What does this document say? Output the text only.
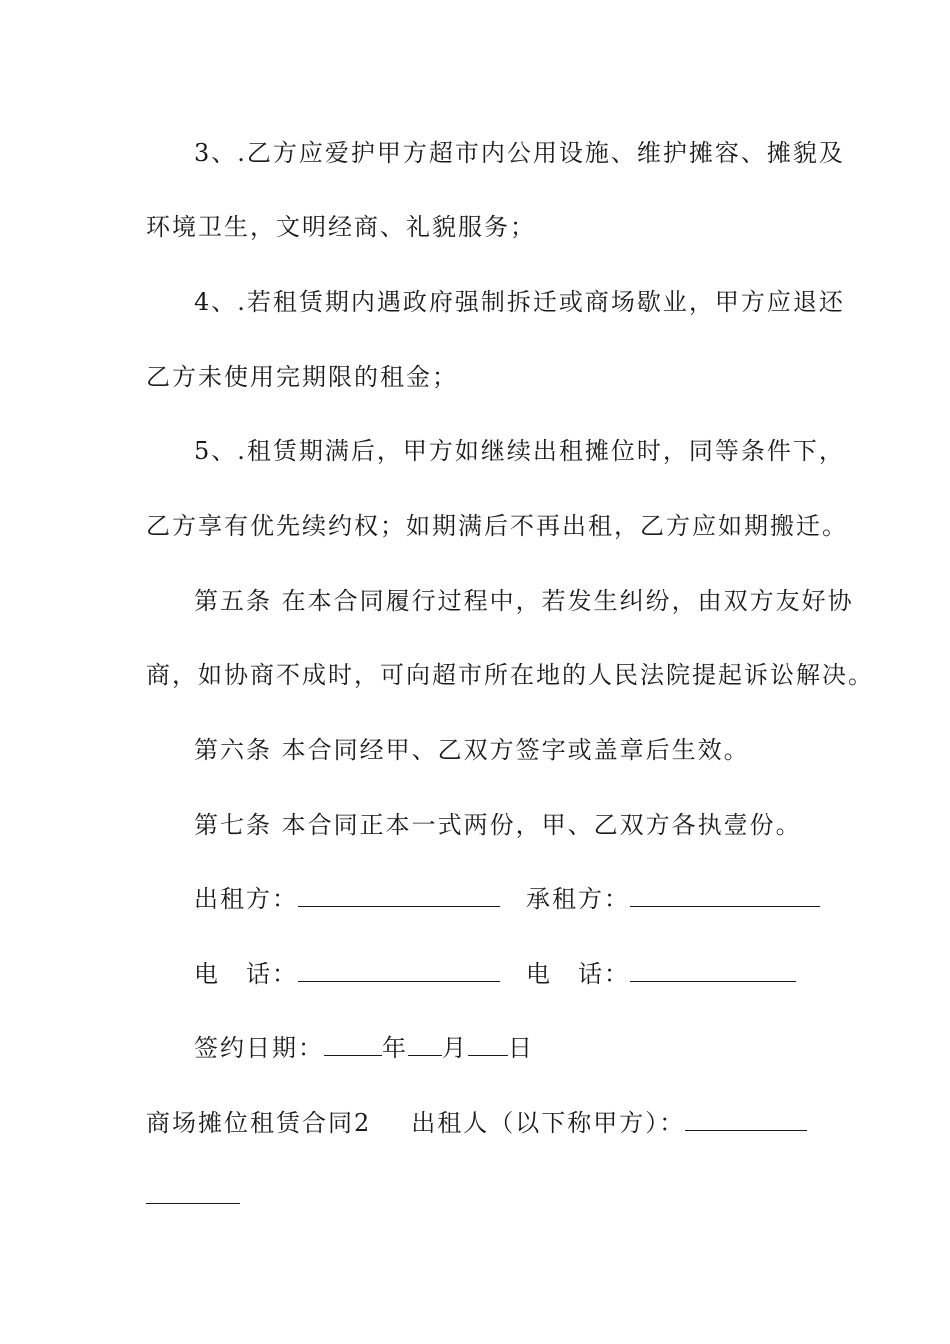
3、.乙方应爱护甲方超市内公用设施、维护摊容、摊貌及
环境卫生，文明经商、礼貌服务；
4、.若租赁期内遇政府强制拆迁或商场歇业，甲方应退还
乙方未使用完期限的租金；
5、.租赁期满后，甲方如继续出租摊位时，同等条件下，
乙方享有优先续约权；如期满后不再出租，乙方应如期搬迁。
第五条 在本合同履行过程中，若发生纠纷，由双方友好协
商，如协商不成时，可向超市所在地的人民法院提起诉讼解决。
第六条 本合同经甲、乙双方签字或盖章后生效。
第七条 本合同正本一式两份，甲、乙双方各执壹份。
出租方：	承租方：
电　话：	电　话：
签约日期： 年 月 日
商场摊位租赁合同2 出租人（以下称甲方）：
